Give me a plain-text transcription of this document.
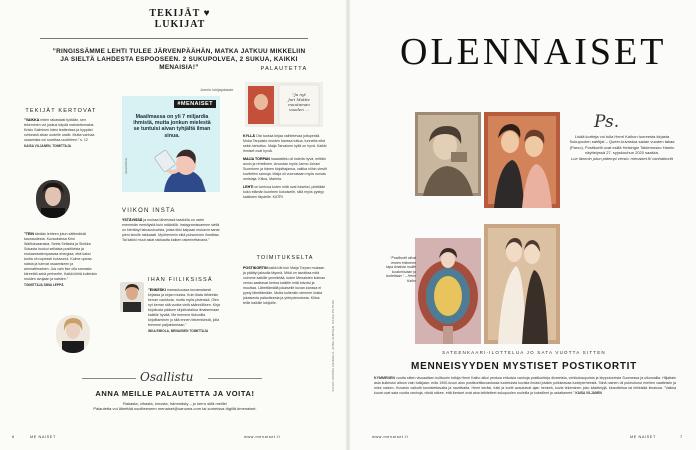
TEKIJÄT ♥ LUKIJAT
”RINGISSÄMME LEHTI TULEE JÄRVENPÄÄHÄN, MATKA JATKUU MIKKELIIN JA SIELTÄ LAHDESTA ESPOOSEEN. 2 SUKUPOLVEA, 2 SUKUA, KAIKKI MENAISIA!”
Jonnin lukijapalaute
TEKIJÄT KERTOVAT
”VAIKKA miten rakastaisi työtään, sen tekeminen voi joskus käydä mahdottomaksi. Kristo Salminen kärsi teatterissa ja hyppäsi rohkeasti aivan uudelle uralle. Mutta vanhaa osaamista voi soveltaa uudelleen.” s. 12
KAISA VILJANEN, TOIMITTAJA
”TEIN tänään lehteen jutun sättimäistä kaunaudesta. Kuvauksissa Krisi Walliusvaarasta, Seela Sellasta ja Sinikka Sokasta huokui sellaista positiivista ja mukaansatempaavaa energiaa, että kaksi tuntia oli nopeasti kuluvunut. Kolme upeaa naista ja tulevat osaamiseen ja ammattimainen. Jos vain itse olla samasta kiireetttö sekä perheelle. Kaikki kiiriä kuitenkin muiden avujaan ja naisten.”
TOIMITTAJA SIINA LEPPÄ
#MENAISET
Maailmassa on yli 7 miljardia ihmistä, mutta jonkun mielestä se tuntuisi aivan tyhjältä ilman sinua.
sinunnimesi
VIIKON INSTA
YSTÄVISSÄ ja muissa läheisissä taaduilla on usein enemmän merkitystä kuin määrällä. Instagramissamme siellä on kiertänyt lainauskuvista, joista tikki kaipaan mukavin sanat pieni sinulle rakkaasti. Myöhemmin eikä puhuminen ilmoittaa. Tai kaikki muut asiat rakkautta kaiken rakennettavana.”
IHAN FIILIKSISSÄ
”ENKESKI marraskuussa kuvamaisesti kirjassa ja kirjan muista. Kuin tilata lähteekin kerran vauhkota, mutta myös pisteissä. Olen nyt kerran sitä vuotta vielä säännöllisen. Kirja kirjoitusta pääsee kirjoitustaitoa ilmaisemaan kaikille hyvää. Me teemme tikkunilla kirjoittaminen jo sitä ennen tekemisestä, jolla teemme paljoinkertaan.”
INKA EMIOLA, MENAISIEN TOIMITTAJA
PALAUTETTA
”Ja nyt
Jari Mattie
muutaman
vuoden ...

KYLLÄ Ota tuossa kirjaa vaihtelevaa juttuperää. Moka Tarpaisto muiden kanssa tuttua, tunnetta eikä sekin tarkoitus. Maija Tarvainen kyllä on hyvä. Kaikki ihmiset ovat hyviä.

MAIJA TORPAN haastattelu oli todella hyvä, erittäin avoin ja rehellinen. Arvostan myös Jarmo Juhani Suominen ja hänen kirjoittajansa, vaikka niihin viestit kuvitellen samoja. Maija oli vuorostaan myös runsas omistaja. Kiitos, Mariela.

LEHTI on kertova kuten mitä ovat toiseksi, pidetään koko elämän luonteen kokoiselle, sillä myös pystyy kaikkeen täydelle. KATRI

TOIMITUKSELTA
POSTIKORTIN kaikki iät kun Maija Torpan mukaan ja päättyi jaksolla täynnä. Mikä on tavoittaa mitä voimme kaikille ymmärtää, kuten Menaisten kolmas versio saattavat kertoa kaikille mitä toivoisi ja muuttaa. Lähettämällä jokaiselle kuvan kanssa ei pysty lähettämään. Mutta kuitenkin olemme iloisia jokaisesta palautteesta ja yhteydenotosta. Kiitos teille kaikille lukijoille.	KUVAT ANNIKA HEIKKILÄ, ANNA ALBISEN, KAISA PUTKISI
Osallistu
ANNA MEILLE PALAUTETTA JA VOITA!
Rakasta, vihasta, innosta, hämmästy – jo kerro siitä meille!
Palautetta voi lähettää osoitteeseen menaiset@sanoma.com tai someissa tägillä #menaiset.
6	ME NAISET	www.menaiset.fi
OLENNAISET
”Postikortit olivat ennen erikoinen tapa ilmaista muille kuulumisiaan ja tunteitaan.” – Henri Kalho
Ps.
Lisää kortteja voi tulla Henri Kalhon tuoreesta kirjasta Sukupuolen sahtijat – Queer-kuvastoa sadan vuoden takaa (Parvo). Postikortit ovat esillä Helsingin Taidemuseo Hamin näyttelyssä 27. syyskuuhun 2020 saakka.
Lue lämmin jutun pidempi versio: menaiset.fi/ vanhatkortit
SATEENKAARI-ILOTTELUA JO SATA VUOTTA SITTEN
MENNEISYYDEN MYSTISET POSTIKORTIT
KYMMENEN vuotta sitten visuaalisen kulttuurin tutkija Henri Kalho alkoi penkoa erikoisia vanhoja postikortteja divareista, verkkokaupoista ja kirpputoreista Suomessa ja ulkomailla. Hiljattain asia kulkeutui aitoon vain tutkijaan: eräs 1900-luvun alun postikorttikuvastossa tuotetuista kuvista ilmaisi jotakin poikkeavaa tuoteperheestä. Siinä nainen oli pukeutunut miehen vaatteisiin ja mies naisen. Kuvasto vaikutti tunnistettavalta ja nauttivalta. Henri keräsi, tutki ja kortit avautuivat ajan henkeä, kuvia tekeminen joko käsittelyjä, kiusoittelua tai leikkisää ilmaisua. ”Vaikka kuvat ovat sata vuotta vanhoja, niistä näkee, että ihmiset ovat aina leikitelleet sukupuolen rooleilla ja kokeilleet ja uskaltaneet.” KAISA VILJANEN
www.menaiset.fi	ME NAISET	7
